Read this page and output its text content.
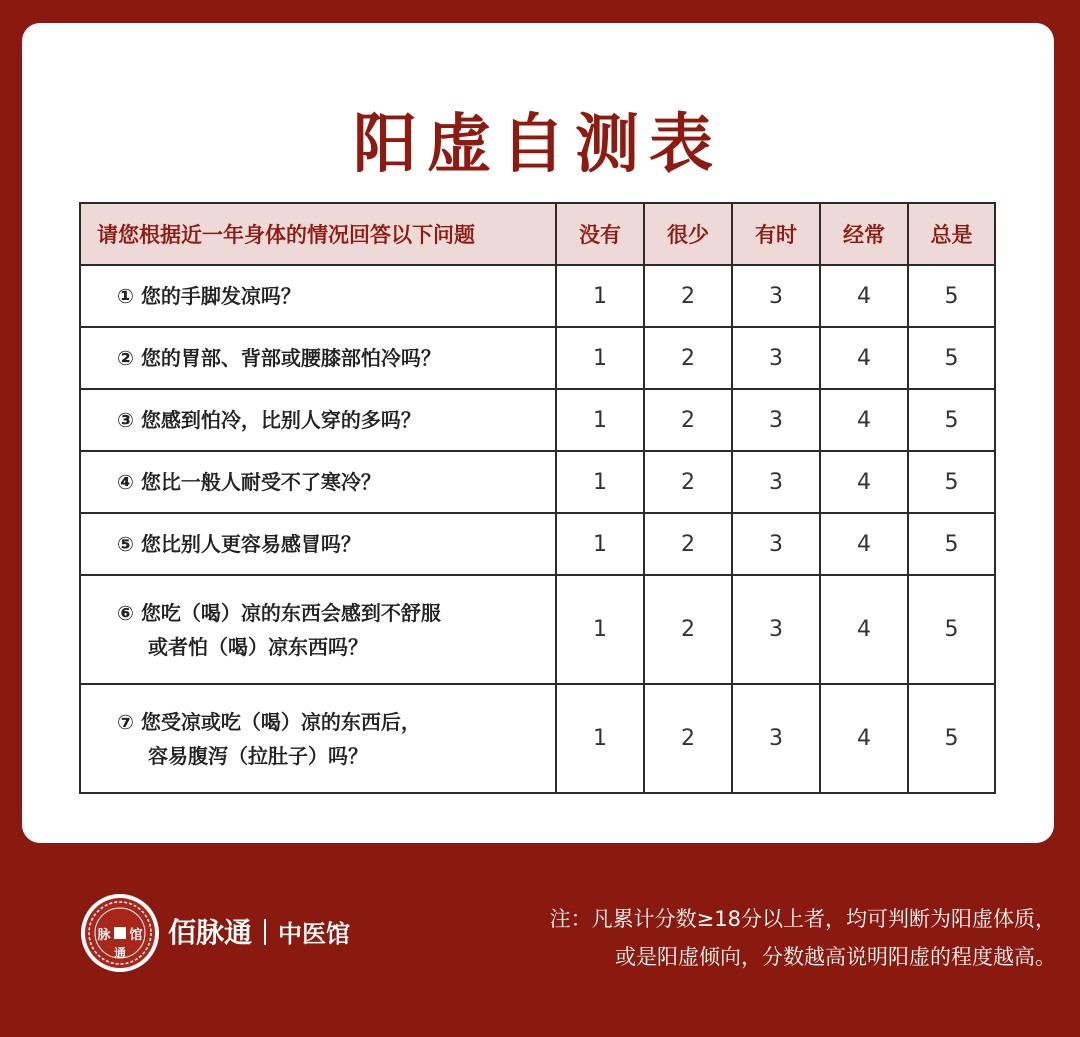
阳虚自测表
请您根据近一年身体的情况回答以下问题	没有	很少	有时	经常	总是
① 您的手脚发凉吗？	1	2	3	4	5
② 您的胃部、背部或腰膝部怕冷吗？	1	2	3	4	5
③ 您感到怕冷，比别人穿的多吗？	1	2	3	4	5
④ 您比一般人耐受不了寒冷？	1	2	3	4	5
⑤ 您比别人更容易感冒吗？	1	2	3	4	5
⑥ 您吃（喝）凉的东西会感到不舒服
或者怕（喝）凉东西吗？	1	2	3	4	5
⑦ 您受凉或吃（喝）凉的东西后，
容易腹泻（拉肚子）吗？	1	2	3	4	5
脉 馆
通
佰脉通 中医馆
注：凡累计分数≥18分以上者，均可判断为阳虚体质，
或是阳虚倾向，分数越高说明阳虚的程度越高。
